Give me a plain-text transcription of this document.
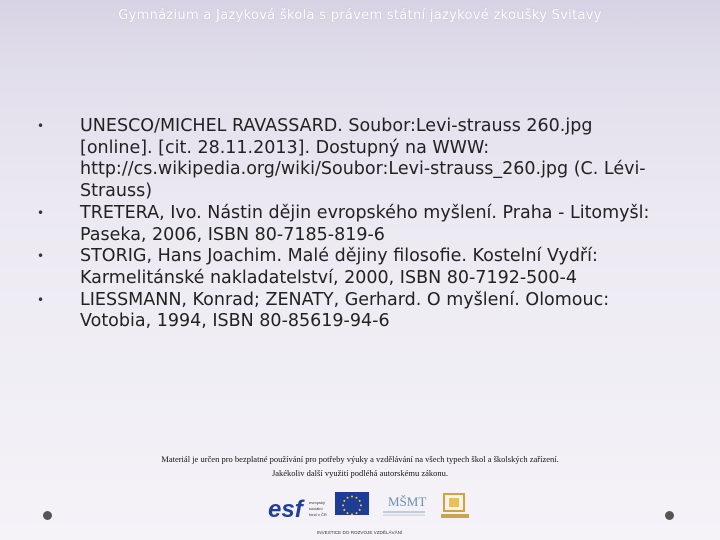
Gymnázium a Jazyková škola s právem státní jazykové zkoušky Svitavy
• UNESCO/MICHEL RAVASSARD. Soubor:Levi-strauss 260.jpg [online]. [cit. 28.11.2013]. Dostupný na WWW: http://cs.wikipedia.org/wiki/Soubor:Levi-strauss_260.jpg (C. Lévi-Strauss)
• TRETERA, Ivo. Nástin dějin evropského myšlení. Praha - Litomyšl: Paseka, 2006, ISBN 80-7185-819-6
• STORIG, Hans Joachim. Malé dějiny filosofie. Kostelní Vydří: Karmelitánské nakladatelství, 2000, ISBN 80-7192-500-4
• LIESSMANN, Konrad; ZENATY, Gerhard. O myšlení. Olomouc: Votobia, 1994, ISBN 80-85619-94-6
Materiál je určen pro bezplatné používání pro potřeby výuky a vzdělávání na všech typech škol a školských zařízení.
Jakékoliv další využití podléhá autorskému zákonu.
esf	evropský
sociální
fond v ČR
MŠMT
INVESTICE DO ROZVOJE VZDĚLÁVÁNÍ
